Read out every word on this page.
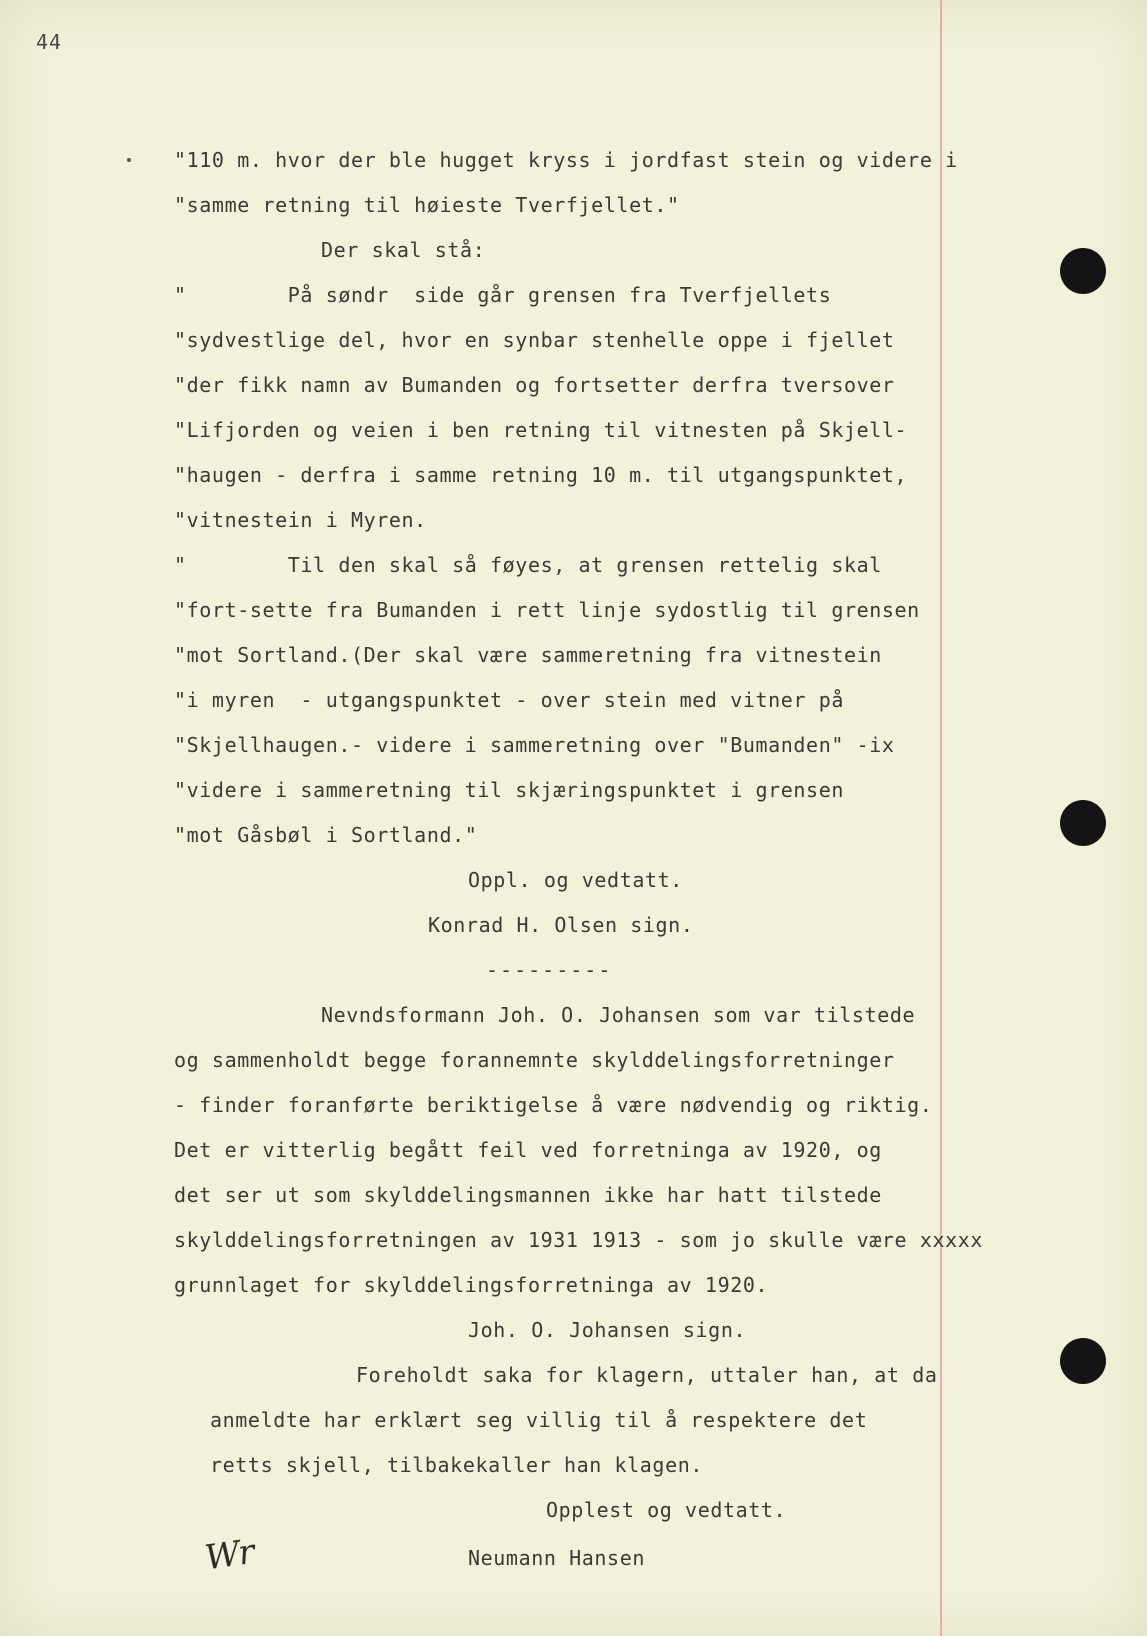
44
"110 m. hvor der ble hugget kryss i jordfast stein og videre i
"samme retning til høieste Tverfjellet."
Der skal stå:
"        På søndr  side går grensen fra Tverfjellets
"sydvestlige del, hvor en synbar stenhelle oppe i fjellet
"der fikk namn av Bumanden og fortsetter derfra tversover
"Lifjorden og veien i ben retning til vitnesten på Skjell-
"haugen - derfra i samme retning 10 m. til utgangspunktet,
"vitnestein i Myren.
"        Til den skal så føyes, at grensen rettelig skal
"fort-sette fra Bumanden i rett linje sydostlig til grensen
"mot Sortland.(Der skal være sammeretning fra vitnestein
"i myren  - utgangspunktet - over stein med vitner på
"Skjellhaugen.- videre i sammeretning over "Bumanden" -ix
"videre i sammeretning til skjæringspunktet i grensen
"mot Gåsbøl i Sortland."
Oppl. og vedtatt.
Konrad H. Olsen sign.
---------
Nevndsformann Joh. O. Johansen som var tilstede
og sammenholdt begge forannemnte skylddelingsforretninger
- finder foranførte beriktigelse å være nødvendig og riktig.
Det er vitterlig begått feil ved forretninga av 1920, og
det ser ut som skylddelingsmannen ikke har hatt tilstede
skylddelingsforretningen av 1931 1913 - som jo skulle være xxxxx
grunnlaget for skylddelingsforretninga av 1920.
Joh. O. Johansen sign.
Foreholdt saka for klagern, uttaler han, at da
anmeldte har erklært seg villig til å respektere det
retts skjell, tilbakekaller han klagen.
Opplest og vedtatt.
Neumann Hansen
Wr
